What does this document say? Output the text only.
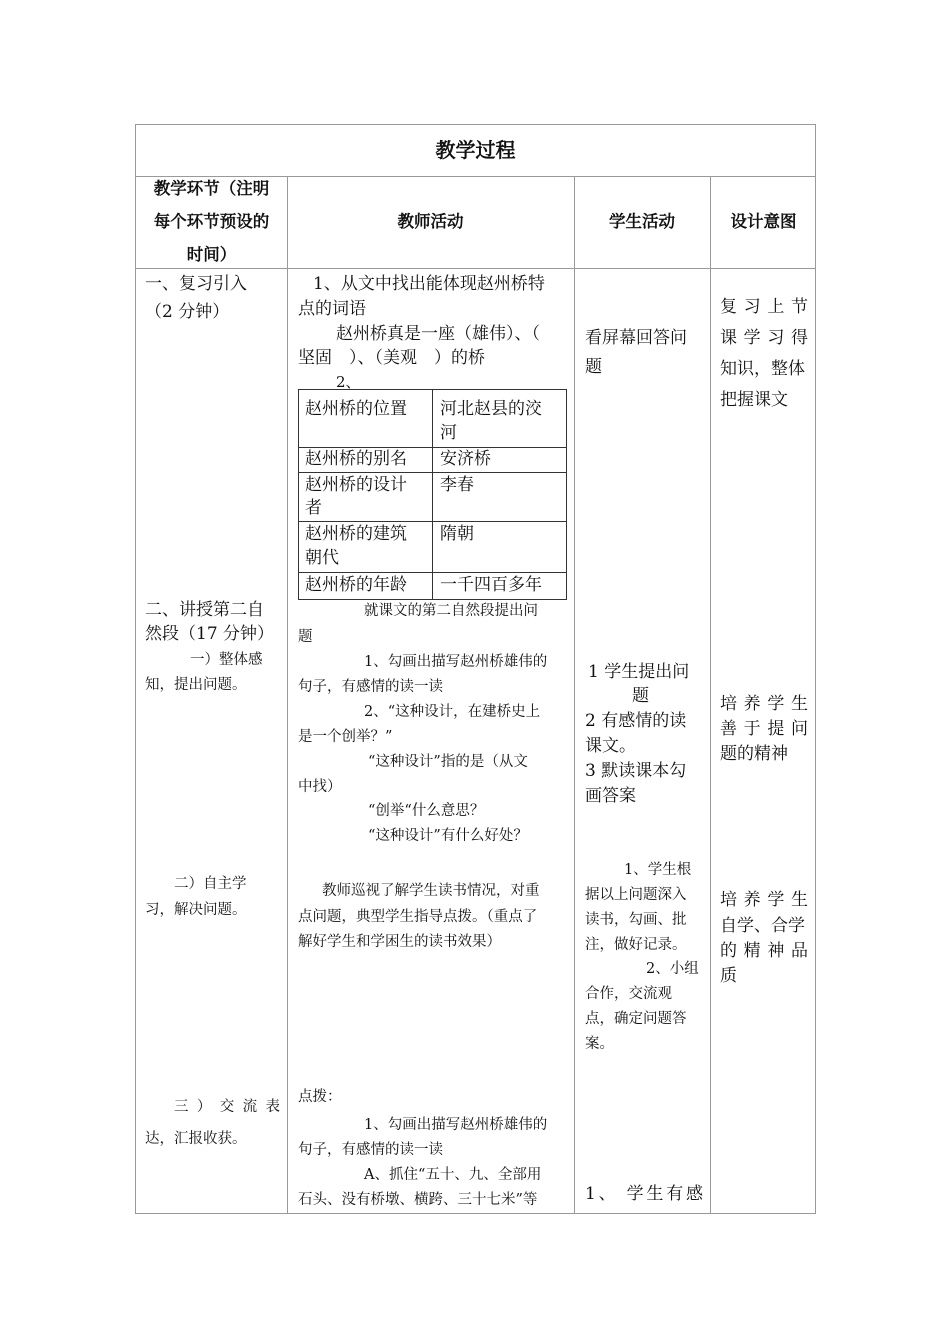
教学过程
教学环节（注明
每个环节预设的
时间）
教师活动	学生活动	设计意图
一、复习引入
（2 分钟）
二、讲授第二自
然段（17 分钟）
一）整体感
知，提出问题。
二）自主学
习，解决问题。
三）交流表
达，汇报收获。
1、从文中找出能体现赵州桥特
点的词语
赵州桥真是一座（雄伟）、（
坚固　）、（美观　）的桥
2、
赵州桥的位置 河北赵县的洨
河
赵州桥的别名 安济桥
赵州桥的设计
者
李春
赵州桥的建筑
朝代
隋朝
赵州桥的年龄 一千四百多年
就课文的第二自然段提出问
题
1、勾画出描写赵州桥雄伟的
句子，有感情的读一读
2、“这种设计，在建桥史上
是一个创举？”
“这种设计”指的是（从文
中找）
“创举“什么意思？
“这种设计”有什么好处？
教师巡视了解学生读书情况，对重
点问题，典型学生指导点拨。（重点了
解好学生和学困生的读书效果）
点拨：
1、勾画出描写赵州桥雄伟的
句子，有感情的读一读
A、抓住“五十、九、全部用
石头、没有桥墩、横跨、三十七米”等
看屏幕回答问
题
1 学生提出问
题
2 有感情的读
课文。
3 默读课本勾
画答案
1、学生根
据以上问题深入
读书，勾画、批
注，做好记录。
2、小组
合作，交流观
点，确定问题答
案。
1、 学生有感
复习上节
课学习得
知识，整体
把握课文
培养学生
善于提问
题的精神
培养学生
自学、合学
的精神品
质
